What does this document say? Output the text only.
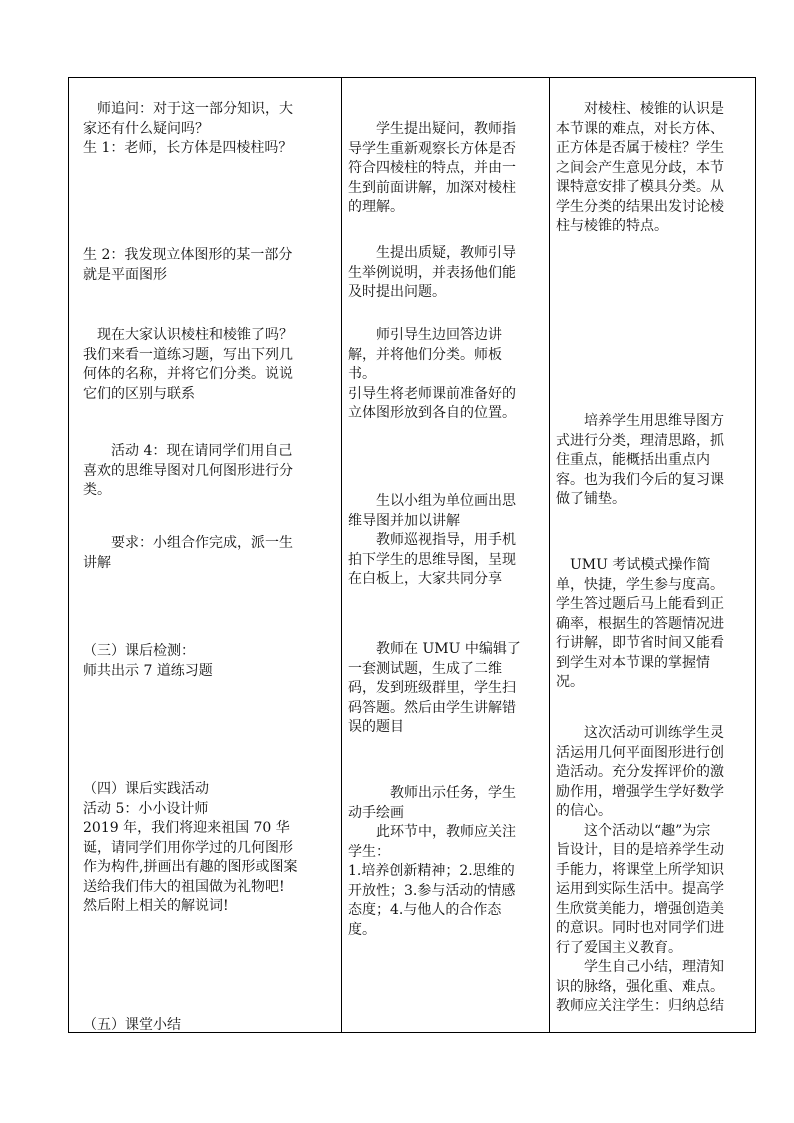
　师追问：对于这一部分知识，大
家还有什么疑问吗？
生 1：老师，长方体是四棱柱吗？
生 2：我发现立体图形的某一部分
就是平面图形
　现在大家认识棱柱和棱锥了吗？
我们来看一道练习题，写出下列几
何体的名称，并将它们分类。说说
它们的区别与联系
　　活动 4：现在请同学们用自己
喜欢的思维导图对几何图形进行分
类。
　　要求：小组合作完成，派一生
讲解
（三）课后检测：
师共出示 7 道练习题
（四）课后实践活动
活动 5：小小设计师
2019 年，我们将迎来祖国 70 华
诞，请同学们用你学过的几何图形
作为构件,拼画出有趣的图形或图案
送给我们伟大的祖国做为礼物吧!
然后附上相关的解说词!
（五）课堂小结
　　学生提出疑问，教师指
导学生重新观察长方体是否
符合四棱柱的特点，并由一
生到前面讲解，加深对棱柱
的理解。
　　生提出质疑，教师引导
生举例说明，并表扬他们能
及时提出问题。
　　师引导生边回答边讲
解，并将他们分类。师板
书。
引导生将老师课前准备好的
立体图形放到各自的位置。
　　生以小组为单位画出思
维导图并加以讲解
　　教师巡视指导，用手机
拍下学生的思维导图，呈现
在白板上，大家共同分享
　　教师在 UMU 中编辑了
一套测试题，生成了二维
码，发到班级群里，学生扫
码答题。然后由学生讲解错
误的题目
　　　教师出示任务，学生
动手绘画
　　此环节中，教师应关注
学生：
1.培养创新精神；2.思维的
开放性；3.参与活动的情感
态度；4.与他人的合作态
度。
　　对棱柱、棱锥的认识是
本节课的难点，对长方体、
正方体是否属于棱柱？学生
之间会产生意见分歧，本节
课特意安排了模具分类。从
学生分类的结果出发讨论棱
柱与棱锥的特点。
　　培养学生用思维导图方
式进行分类，理清思路，抓
住重点，能概括出重点内
容。也为我们今后的复习课
做了铺垫。
　UMU 考试模式操作简
单，快捷，学生参与度高。
学生答过题后马上能看到正
确率，根据生的答题情况进
行讲解，即节省时间又能看
到学生对本节课的掌握情
况。
　　这次活动可训练学生灵
活运用几何平面图形进行创
造活动。充分发挥评价的激
励作用，增强学生学好数学
的信心。
　　这个活动以“趣”为宗
旨设计，目的是培养学生动
手能力，将课堂上所学知识
运用到实际生活中。提高学
生欣赏美能力，增强创造美
的意识。同时也对同学们进
行了爱国主义教育。
　　学生自己小结，理清知
识的脉络，强化重、难点。
教师应关注学生：归纳总结
